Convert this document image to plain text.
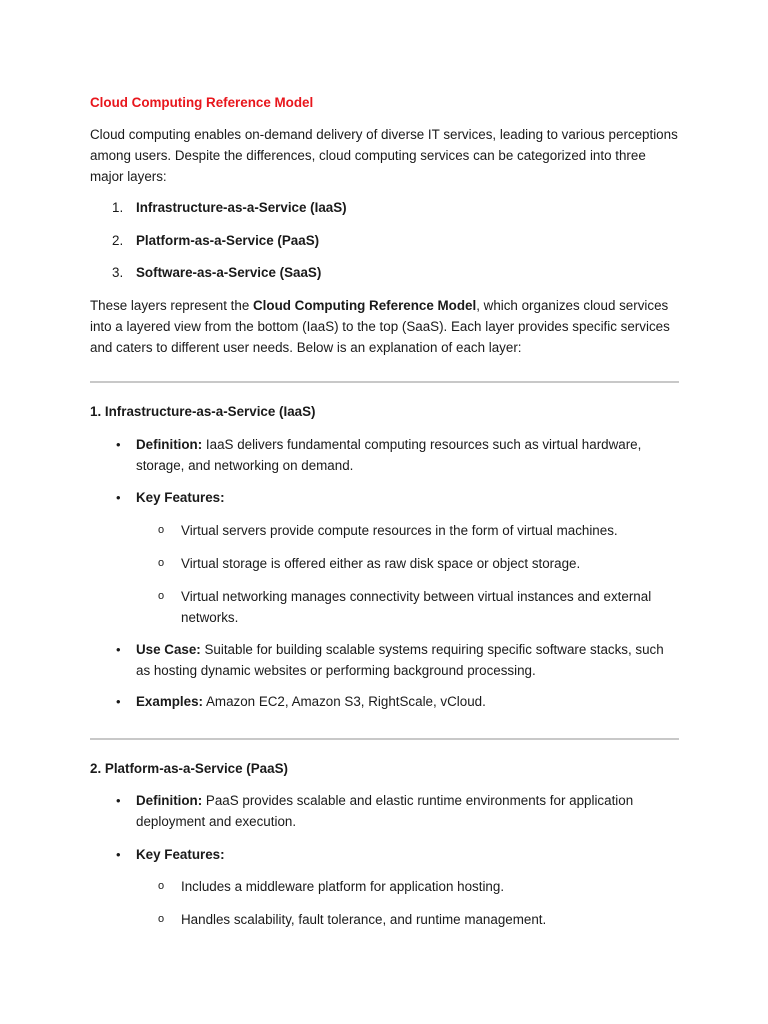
Cloud Computing Reference Model

Cloud computing enables on-demand delivery of diverse IT services, leading to various perceptions among users. Despite the differences, cloud computing services can be categorized into three major layers:

1. Infrastructure-as-a-Service (IaaS)
2. Platform-as-a-Service (PaaS)
3. Software-as-a-Service (SaaS)

These layers represent the Cloud Computing Reference Model, which organizes cloud services into a layered view from the bottom (IaaS) to the top (SaaS). Each layer provides specific services and caters to different user needs. Below is an explanation of each layer:

1. Infrastructure-as-a-Service (IaaS)
• Definition: IaaS delivers fundamental computing resources such as virtual hardware, storage, and networking on demand.
• Key Features:
o Virtual servers provide compute resources in the form of virtual machines.
o Virtual storage is offered either as raw disk space or object storage.
o Virtual networking manages connectivity between virtual instances and external networks.
• Use Case: Suitable for building scalable systems requiring specific software stacks, such as hosting dynamic websites or performing background processing.
• Examples: Amazon EC2, Amazon S3, RightScale, vCloud.
2. Platform-as-a-Service (PaaS)
• Definition: PaaS provides scalable and elastic runtime environments for application deployment and execution.
• Key Features:
o Includes a middleware platform for application hosting.
o Handles scalability, fault tolerance, and runtime management.
